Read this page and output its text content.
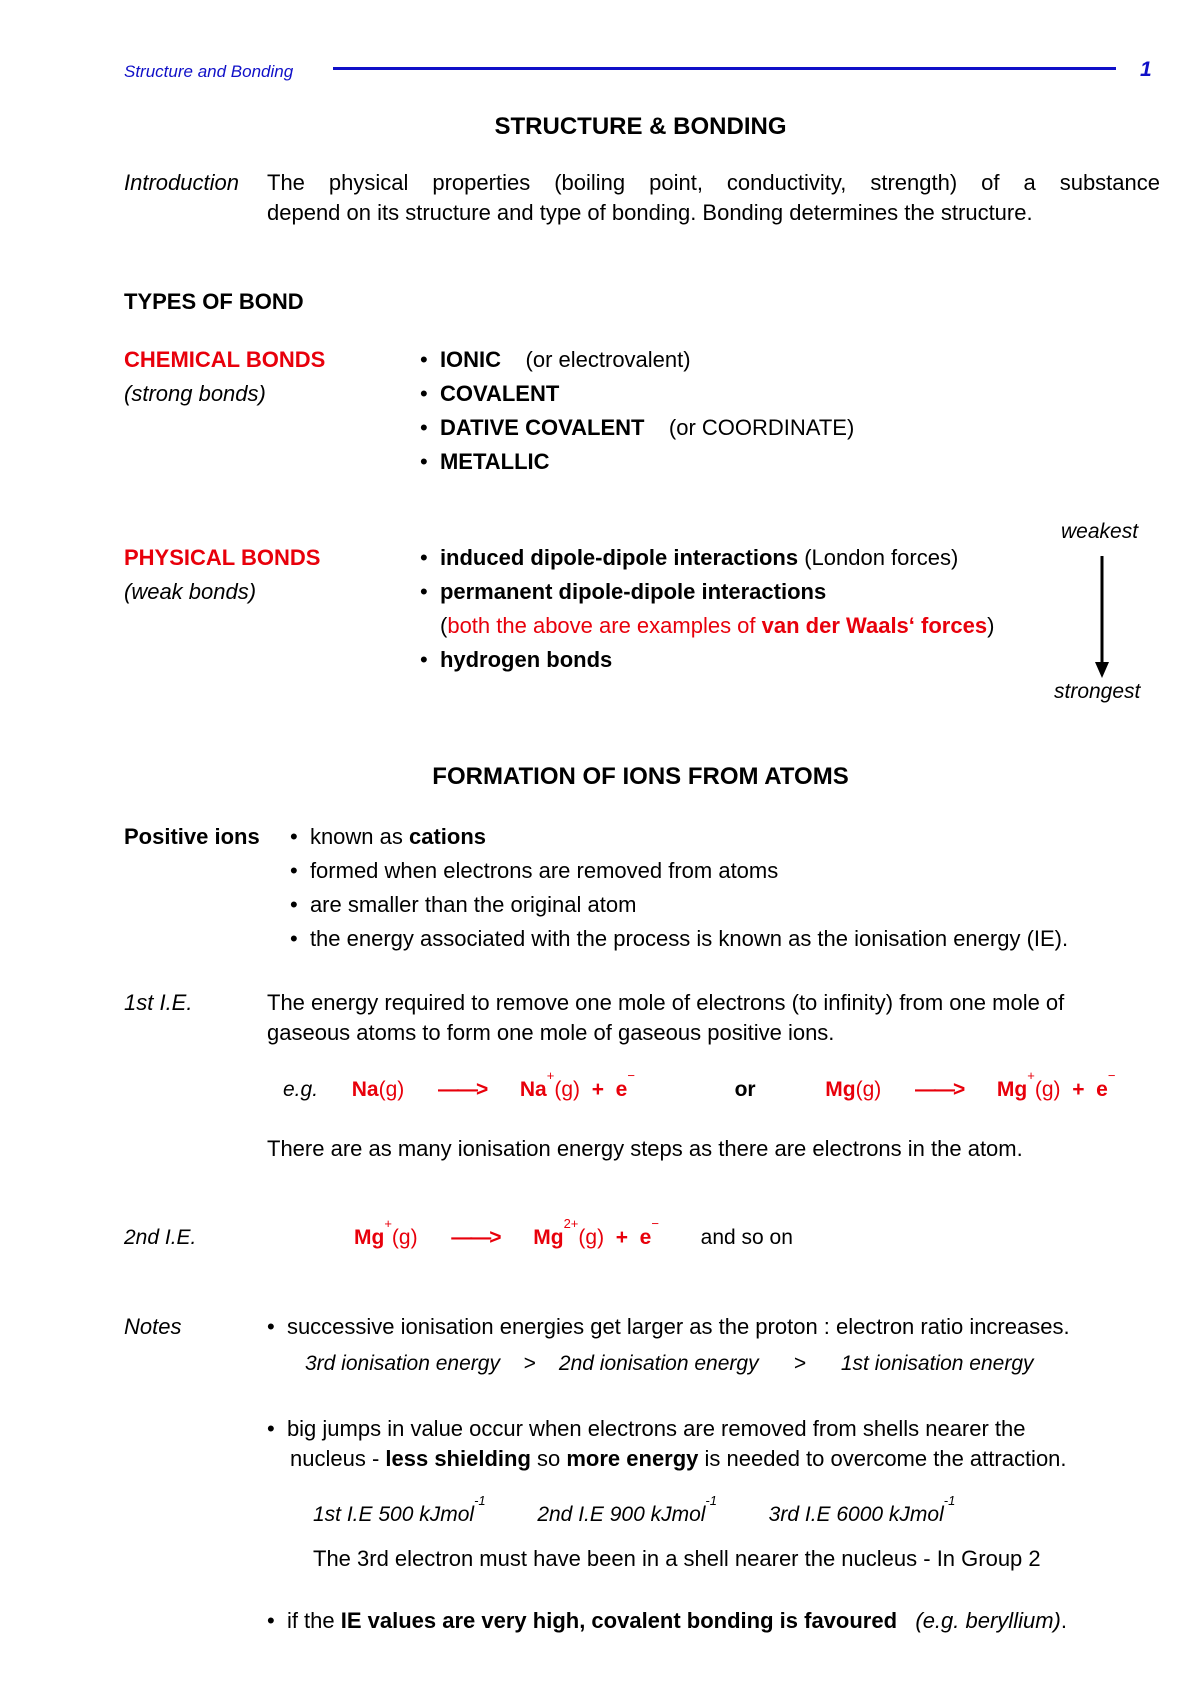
Structure and Bonding	1
STRUCTURE & BONDING
Introduction The physical properties (boiling point, conductivity, strength) of a substance
depend on its structure and type of bonding. Bonding determines the structure.
TYPES OF BOND
CHEMICAL BONDS
(strong bonds)
• IONIC (or electrovalent)
• COVALENT
• DATIVE COVALENT (or COORDINATE)
• METALLIC
weakest
PHYSICAL BONDS
(weak bonds)
• induced dipole-dipole interactions (London forces)
• permanent dipole-dipole interactions
(both the above are examples of van der Waals‘ forces)
• hydrogen bonds
strongest
FORMATION OF IONS FROM ATOMS
Positive ions • known as cations
• formed when electrons are removed from atoms
• are smaller than the original atom
• the energy associated with the process is known as the ionisation energy (IE).
1st I.E.	The energy required to remove one mole of electrons (to infinity) from one mole of
gaseous atoms to form one mole of gaseous positive ions.
e.g. Na(g) ——> Na+(g) + e−  or	Mg(g) ——> Mg+(g) + e−
There are as many ionisation energy steps as there are electrons in the atom.
2nd I.E.	Mg+(g) ——> $Mg^{2+}(g) + e^-$  and so on
Notes	• successive ionisation energies get larger as the proton : electron ratio increases.
3rd ionisation energy > 2nd ionisation energy > 1st ionisation energy
• big jumps in value occur when electrons are removed from shells nearer the
nucleus - less shielding so more energy is needed to overcome the attraction.
1st I.E 500 kJmol$^{-1}$  2nd I.E 900 kJmol$^{-1}$  3rd I.E 6000 kJmol$^{-1}$
The 3rd electron must have been in a shell nearer the nucleus - In Group 2
• if the IE values are very high, covalent bonding is favoured (e.g. beryllium).
